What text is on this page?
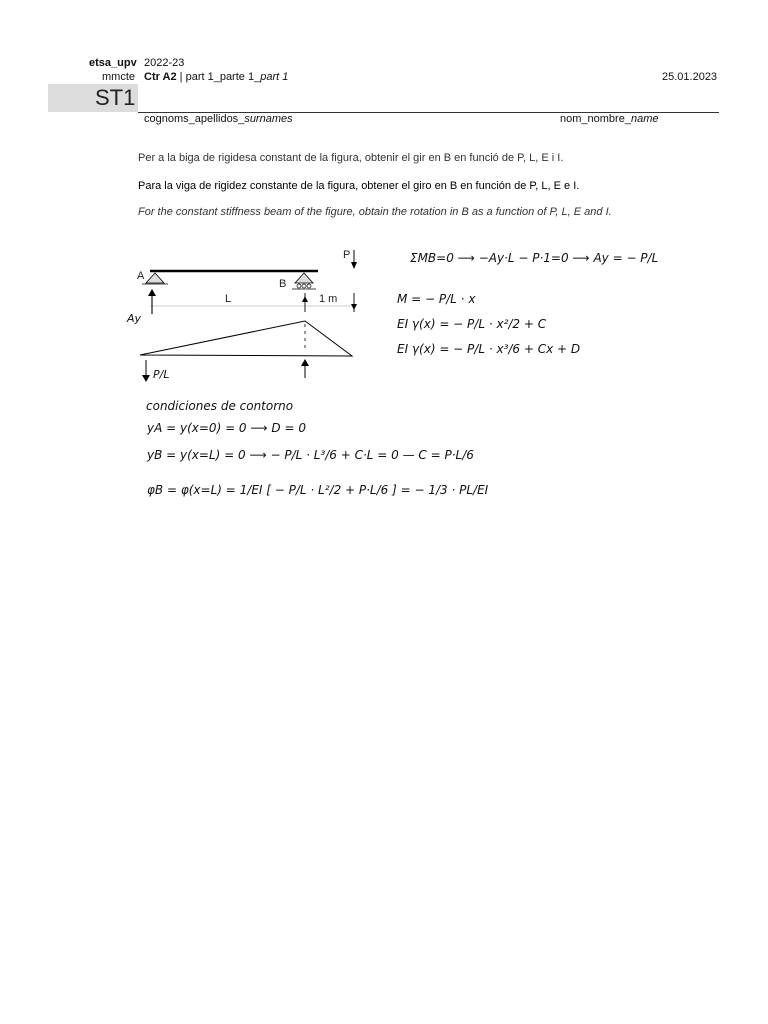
etsa_upv 2022-23
mmcte Ctr A2 | part 1_parte 1_part 1	25.01.2023
ST1
cognoms_apellidos_surnames	nom_nombre_name
Per a la biga de rigidesa constant de la figura, obtenir el gir en B en funció de P, L, E i I.
Para la viga de rigidez constante de la figura, obtener el giro en B en función de P, L, E e I.
For the constant stiffness beam of the figure, obtain the rotation in B as a function of P, L, E and I.
A
B
P
L	1 m
Ay
P/L
ΣMB=0 ⟶ −Ay·L − P·1=0 ⟶ Ay = − P/L
M = − P/L · x
EI γ(x) = − P/L · x²/2 + C
EI γ(x) = − P/L · x³/6 + Cx + D
condiciones de contorno
yA = y(x=0) = 0 ⟶ D = 0
yB = y(x=L) = 0 ⟶ − P/L · L³/6 + C·L = 0 — C = P·L/6
φB = φ(x=L) = 1/EI [ − P/L · L²/2 + P·L/6 ] = − 1/3 · PL/EI
